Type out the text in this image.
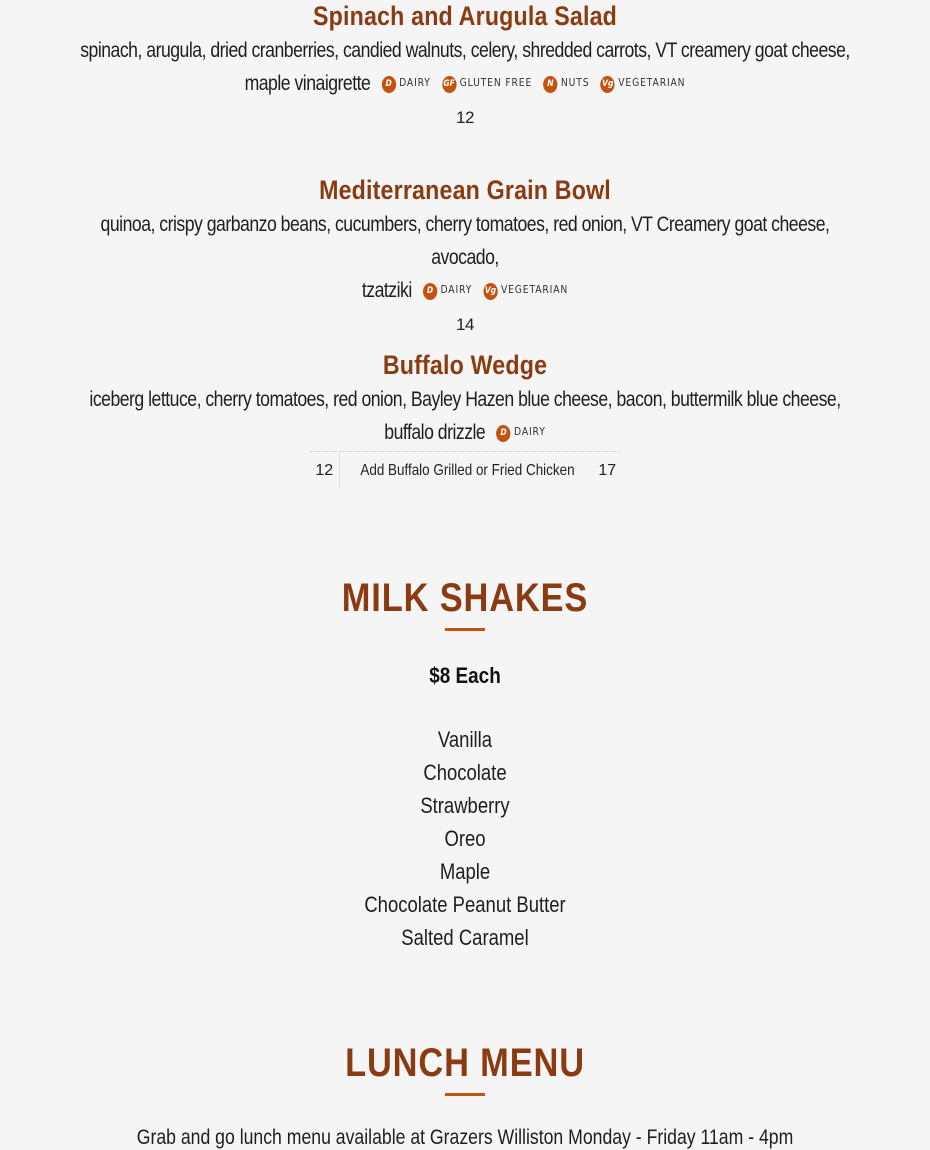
Spinach and Arugula Salad
spinach, arugula, dried cranberries, candied walnuts, celery, shredded carrots, VT creamery goat cheese,
maple vinaigrette D DAIRY GF GLUTEN FREE N NUTS Vg VEGETARIAN
12
Mediterranean Grain Bowl
quinoa, crispy garbanzo beans, cucumbers, cherry tomatoes, red onion, VT Creamery goat cheese, avocado,
tzatziki D DAIRY Vg VEGETARIAN
14
Buffalo Wedge
iceberg lettuce, cherry tomatoes, red onion, Bayley Hazen blue cheese, bacon, buttermilk blue cheese,
buffalo drizzle D DAIRY
12	Add Buffalo Grilled or Fried Chicken 17
MILK SHAKES
$8 Each
Vanilla
Chocolate
Strawberry
Oreo
Maple
Chocolate Peanut Butter
Salted Caramel
LUNCH MENU
Grab and go lunch menu available at Grazers Williston Monday - Friday 11am - 4pm
